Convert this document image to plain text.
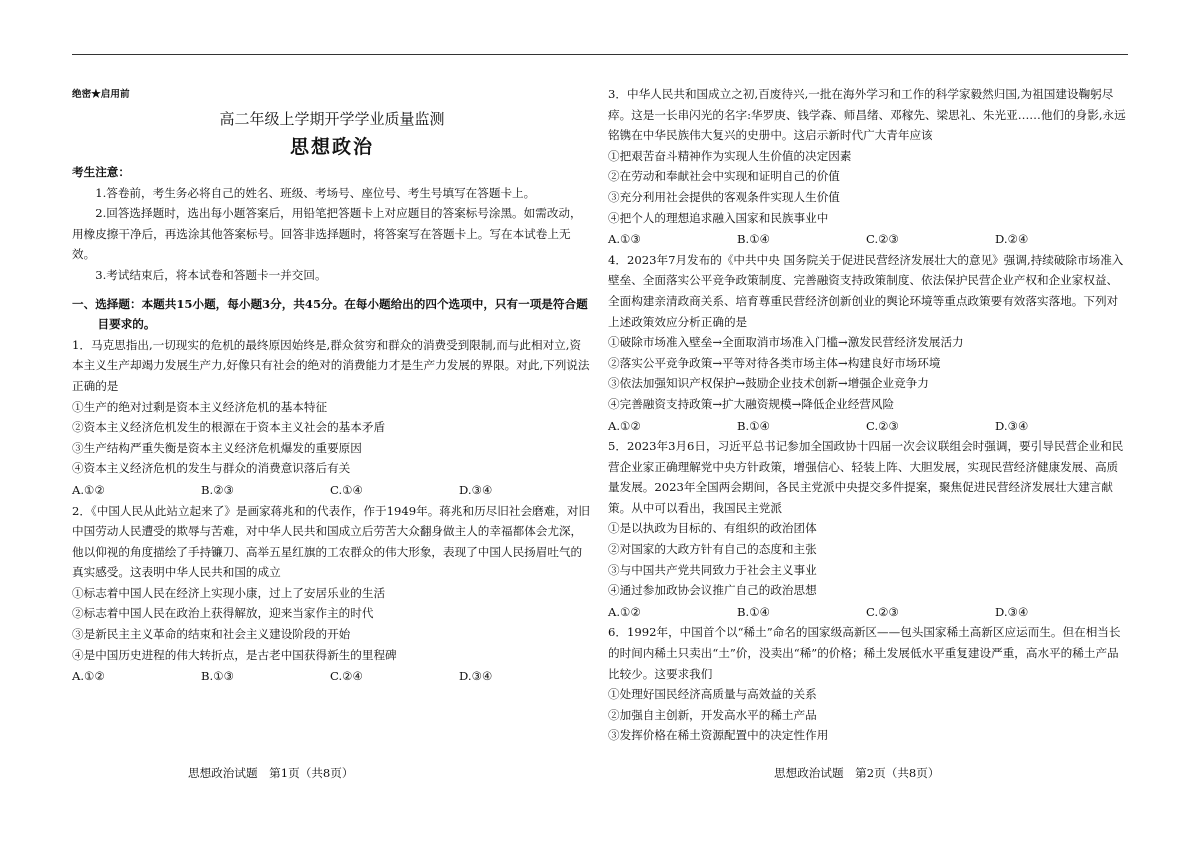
绝密★启用前

高二年级上学期开学学业质量监测

思想政治

考生注意：

1.答卷前，考生务必将自己的姓名、班级、考场号、座位号、考生号填写在答题卡上。

2.回答选择题时，选出每小题答案后，用铅笔把答题卡上对应题目的答案标号涂黑。如需改动，用橡皮擦干净后，再选涂其他答案标号。回答非选择题时，将答案写在答题卡上。写在本试卷上无效。

3.考试结束后，将本试卷和答题卡一并交回。

一、选择题：本题共15小题，每小题3分，共45分。在每小题给出的四个选项中，只有一项是符合题目要求的。

1．马克思指出,一切现实的危机的最终原因始终是,群众贫穷和群众的消费受到限制,而与此相对立,资本主义生产却竭力发展生产力,好像只有社会的绝对的消费能力才是生产力发展的界限。对此,下列说法正确的是

①生产的绝对过剩是资本主义经济危机的基本特征

②资本主义经济危机发生的根源在于资本主义社会的基本矛盾

③生产结构严重失衡是资本主义经济危机爆发的重要原因

④资本主义经济危机的发生与群众的消费意识落后有关

A.①②	B.②③	C.①④	D.③④

2．《中国人民从此站立起来了》是画家蒋兆和的代表作，作于1949年。蒋兆和历尽旧社会磨难，对旧中国劳动人民遭受的欺辱与苦难，对中华人民共和国成立后劳苦大众翻身做主人的幸福都体会尤深，他以仰视的角度描绘了手持镰刀、高举五星红旗的工农群众的伟大形象，表现了中国人民扬眉吐气的真实感受。这表明中华人民共和国的成立

①标志着中国人民在经济上实现小康，过上了安居乐业的生活

②标志着中国人民在政治上获得解放，迎来当家作主的时代

③是新民主主义革命的结束和社会主义建设阶段的开始

④是中国历史进程的伟大转折点，是古老中国获得新生的里程碑

A.①②	B.①③	C.②④	D.③④

3．中华人民共和国成立之初,百废待兴,一批在海外学习和工作的科学家毅然归国,为祖国建设鞠躬尽瘁。这是一长串闪光的名字:华罗庚、钱学森、师昌绪、邓稼先、梁思礼、朱光亚……他们的身影,永远铭镌在中华民族伟大复兴的史册中。这启示新时代广大青年应该

①把艰苦奋斗精神作为实现人生价值的决定因素

②在劳动和奉献社会中实现和证明自己的价值

③充分利用社会提供的客观条件实现人生价值

④把个人的理想追求融入国家和民族事业中

A.①③	B.①④	C.②③	D.②④

4．2023年7月发布的《中共中央 国务院关于促进民营经济发展壮大的意见》强调,持续破除市场准入壁垒、全面落实公平竞争政策制度、完善融资支持政策制度、依法保护民营企业产权和企业家权益、全面构建亲清政商关系、培育尊重民营经济创新创业的舆论环境等重点政策要有效落实落地。下列对上述政策效应分析正确的是

①破除市场准入壁垒→全面取消市场准入门槛→激发民营经济发展活力

②落实公平竞争政策→平等对待各类市场主体→构建良好市场环境

③依法加强知识产权保护→鼓励企业技术创新→增强企业竞争力

④完善融资支持政策→扩大融资规模→降低企业经营风险

A.①②	B.①④	C.②③	D.③④

5．2023年3月6日，习近平总书记参加全国政协十四届一次会议联组会时强调，要引导民营企业和民营企业家正确理解党中央方针政策，增强信心、轻装上阵、大胆发展，实现民营经济健康发展、高质量发展。2023年全国两会期间，各民主党派中央提交多件提案，聚焦促进民营经济发展壮大建言献策。从中可以看出，我国民主党派

①是以执政为目标的、有组织的政治团体

②对国家的大政方针有自己的态度和主张

③与中国共产党共同致力于社会主义事业

④通过参加政协会议推广自己的政治思想

A.①②	B.①④	C.②③	D.③④

6．1992年，中国首个以“稀土”命名的国家级高新区——包头国家稀土高新区应运而生。但在相当长的时间内稀土只卖出“土”价，没卖出“稀”的价格；稀土发展低水平重复建设严重，高水平的稀土产品比较少。这要求我们

①处理好国民经济高质量与高效益的关系

②加强自主创新，开发高水平的稀土产品

③发挥价格在稀土资源配置中的决定性作用

思想政治试题　第1页（共8页）	思想政治试题　第2页（共8页）
